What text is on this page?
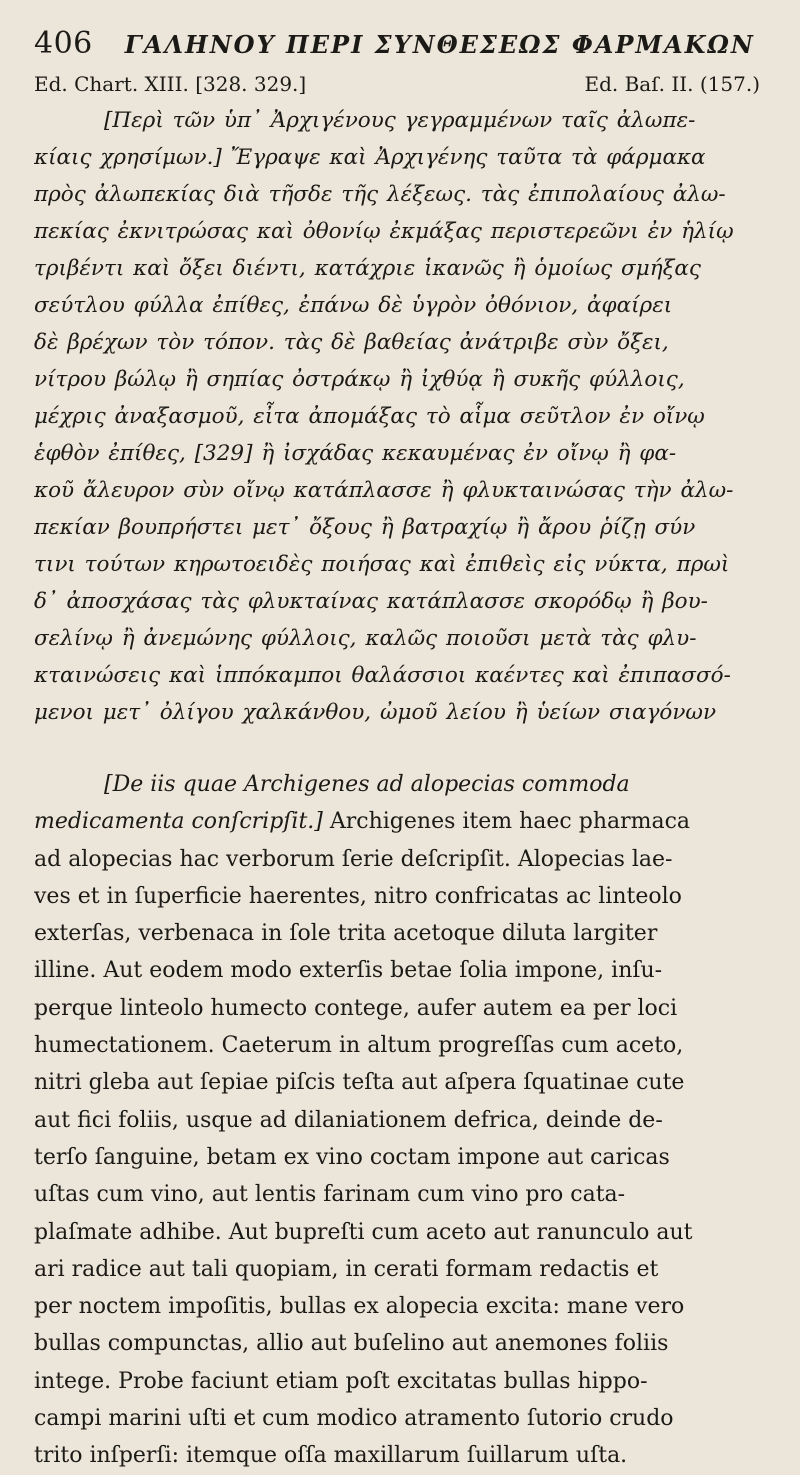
406 ΓΑΛΗΝΟΥ ΠΕΡΙ ΣΥΝΘΕΣΕΩΣ ΦΑΡΜΑΚΩΝ
Ed. Chart. XIII. [328. 329.]	Ed. Baſ. II. (157.)
[Περὶ τῶν ὑπ᾽ Ἀρχιγένους γεγραμμένων ταῖς ἀλωπε-
κίαις χρησίμων.] Ἔγραψε καὶ Ἀρχιγένης ταῦτα τὰ φάρμακα
πρὸς ἀλωπεκίας διὰ τῆσδε τῆς λέξεως. τὰς ἐπιπολαίους ἀλω-
πεκίας ἐκνιτρώσας καὶ ὀθονίῳ ἐκμάξας περιστερεῶνι ἐν ἡλίῳ
τριβέντι καὶ ὄξει διέντι, κατάχριε ἱκανῶς ἢ ὁμοίως σμήξας
σεύτλου φύλλα ἐπίθες, ἐπάνω δὲ ὑγρὸν ὀθόνιον, ἀφαίρει
δὲ βρέχων τὸν τόπον. τὰς δὲ βαθείας ἀνάτριβε σὺν ὄξει,
νίτρου βώλῳ ἢ σηπίας ὀστράκῳ ἢ ἰχθύᾳ ἢ συκῆς φύλλοις,
μέχρις ἀναξασμοῦ, εἶτα ἀπομάξας τὸ αἷμα σεῦτλον ἐν οἴνῳ
ἑφθὸν ἐπίθες, [329] ἢ ἰσχάδας κεκαυμένας ἐν οἴνῳ ἢ φα-
κοῦ ἄλευρον σὺν οἴνῳ κατάπλασσε ἢ φλυκταινώσας τὴν ἀλω-
πεκίαν βουπρήστει μετ᾽ ὄξους ἢ βατραχίῳ ἢ ἄρου ῥίζῃ σύν
τινι τούτων κηρωτοειδὲς ποιήσας καὶ ἐπιθεὶς εἰς νύκτα, πρωὶ
δ᾽ ἀποσχάσας τὰς φλυκταίνας κατάπλασσε σκορόδῳ ἢ βου-
σελίνῳ ἢ ἀνεμώνης φύλλοις, καλῶς ποιοῦσι μετὰ τὰς φλυ-
κταινώσεις καὶ ἱππόκαμποι θαλάσσιοι καέντες καὶ ἐπιπασσό-
μενοι μετ᾽ ὀλίγου χαλκάνθου, ὠμοῦ λείου ἢ ὑείων σιαγόνων
[De iis quae Archigenes ad alopecias commoda
medicamenta conſcripſit.] Archigenes item haec pharmaca
ad alopecias hac verborum ſerie deſcripſit. Alopecias lae-
ves et in ſuperficie haerentes, nitro confricatas ac linteolo
exterſas, verbenaca in ſole trita acetoque diluta largiter
illine. Aut eodem modo exterſis betae ſolia impone, inſu-
perque linteolo humecto contege, aufer autem ea per loci
humectationem. Caeterum in altum progreſſas cum aceto,
nitri gleba aut ſepiae piſcis teſta aut aſpera ſquatinae cute
aut fici foliis, usque ad dilaniationem defrica, deinde de-
terſo ſanguine, betam ex vino coctam impone aut caricas
uſtas cum vino, aut lentis farinam cum vino pro cata-
plaſmate adhibe. Aut bupreſti cum aceto aut ranunculo aut
ari radice aut tali quopiam, in cerati formam redactis et
per noctem impoſitis, bullas ex alopecia excita: mane vero
bullas compunctas, allio aut buſelino aut anemones foliis
intege. Probe faciunt etiam poſt excitatas bullas hippo-
campi marini uſti et cum modico atramento ſutorio crudo
trito inſperſi: itemque oſſa maxillarum ſuillarum uſta.
